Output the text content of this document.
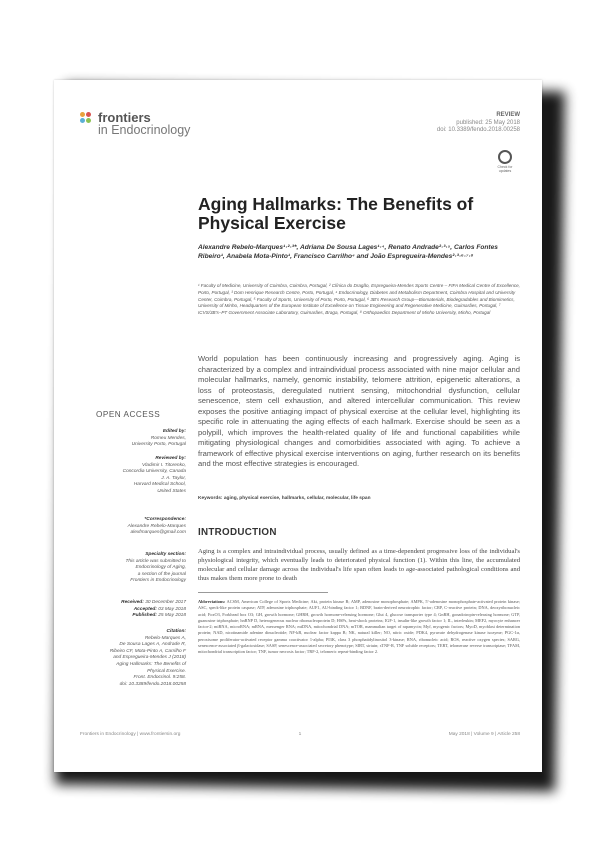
frontiers
in Endocrinology
REVIEW
published: 25 May 2018
doi: 10.3389/fendo.2018.00258
Check for updates
Aging Hallmarks: The Benefits of Physical Exercise
Alexandre Rebelo-Marques¹·²·³*, Adriana De Sousa Lages¹·⁴, Renato Andrade²·³·⁵, Carlos Fontes Ribeiro¹, Anabela Mota-Pinto¹, Francisco Carrilho⁴ and João Espregueira-Mendes²·³·⁶·⁷·⁸
¹ Faculty of Medicine, University of Coimbra, Coimbra, Portugal, ² Clínica do Dragão, Espregueira-Mendes Sports Centre – FIFA Medical Centre of Excellence, Porto, Portugal, ³ Dom Henrique Research Centre, Porto, Portugal, ⁴ Endocrinology, Diabetes and Metabolism Department, Coimbra Hospital and University Center, Coimbra, Portugal, ⁵ Faculty of Sports, University of Porto, Porto, Portugal, ⁶ 3B's Research Group—Biomaterials, Biodegradables and Biomimetics, University of Minho, Headquarters of the European Institute of Excellence on Tissue Engineering and Regenerative Medicine, Guimarães, Portugal, ⁷ ICVS/3B's–PT Government Associate Laboratory, Guimarães, Braga, Portugal, ⁸ Orthopaedics Department of Minho University, Minho, Portugal
World population has been continuously increasing and progressively aging. Aging is characterized by a complex and intraindividual process associated with nine major cellular and molecular hallmarks, namely, genomic instability, telomere attrition, epigenetic alterations, a loss of proteostasis, deregulated nutrient sensing, mitochondrial dysfunction, cellular senescence, stem cell exhaustion, and altered intercellular communication. This review exposes the positive antiaging impact of physical exercise at the cellular level, highlighting its specific role in attenuating the aging effects of each hallmark. Exercise should be seen as a polypill, which improves the health-related quality of life and functional capabilities while mitigating physiological changes and comorbidities associated with aging. To achieve a framework of effective physical exercise interventions on aging, further research on its benefits and the most effective strategies is encouraged.
Keywords: aging, physical exercise, hallmarks, cellular, molecular, life span
OPEN ACCESS
Edited by:
Romeu Mendes,
University Porto, Portugal
Reviewed by:
Vladimir I. Titorenko,
Concordia University, Canada
J. A. Taylor,
Harvard Medical School,
United States
*Correspondence:
Alexandre Rebelo-Marques
alexfmarques@gmail.com
Specialty section:
This article was submitted to
Endocrinology of Aging,
a section of the journal
Frontiers in Endocrinology
Received: 30 December 2017
Accepted: 03 May 2018
Published: 25 May 2018
Citation:
Rebelo-Marques A,
De Sousa Lages A, Andrade R,
Ribeiro CF, Mota-Pinto A, Carrilho F
and Espregueira-Mendes J (2018)
Aging Hallmarks: The Benefits of
Physical Exercise.
Front. Endocrinol. 9:258.
doi: 10.3389/fendo.2018.00258
INTRODUCTION
Aging is a complex and intraindividual process, usually defined as a time-dependent progressive loss of the individual's physiological integrity, which eventually leads to deteriorated physical function (1). Within this line, the accumulated molecular and cellular damage across the individual's life span often leads to age-associated pathological conditions and thus makes them more prone to death
Abbreviations: ACSM, American College of Sports Medicine; Akt, protein kinase B; AMP, adenosine monophosphate; AMPK, 5′-adenosine monophosphate-activated protein kinase; ASC, speck-like protein caspase; ATP, adenosine triphosphate; AUF1, AU-binding factor 1; BDNF, brain-derived neurotrophic factor; CRP, C-reactive protein; DNA, deoxyribonucleic acid; FoxO3, Forkhead box O3; GH, growth hormone; GHRH, growth hormone-releasing hormone; Glut 4, glucose transporter type 4; GnRH, gonadotropin-releasing hormone; GTP, guanosine triphosphate; hnRNP D, heterogeneous nuclear ribonucleoprotein D; HSPs, heat-shock proteins; IGF-1, insulin-like growth factor 1; IL, interleukin; MEF2, myocyte enhancer factor-2; miRNA, microRNA; mRNA, messenger RNA; mtDNA, mitochondrial DNA; mTOR, mammalian target of rapamycin; Myf, myogenic factors; MyoD, myoblast determination protein; NAD, nicotinamide adenine dinucleotide; NF-kB, nuclear factor kappa B; NK, natural killer; NO, nitric oxide; PDK4, pyruvate dehydrogenase kinase isozyme; PGC-1α, peroxisome proliferator-activated receptor gamma coactivator 1-alpha; PI3K, class 3 phosphatidylinositol 3-kinase; RNA, ribonucleic acid; ROS, reactive oxygen species; SARG, senescence-associated β-galactosidase; SASP, senescence-associated secretory phenotype; SIRT, sirtuin; sTNF-R, TNF soluble receptors; TERT, telomerase reverse transcriptase; TFAM, mitochondrial transcription factor; TNF, tumor necrosis factor; TRF-2, telomeric repeat-binding factor 2.
Frontiers in Endocrinology | www.frontiersin.org	1	May 2018 | Volume 9 | Article 258
